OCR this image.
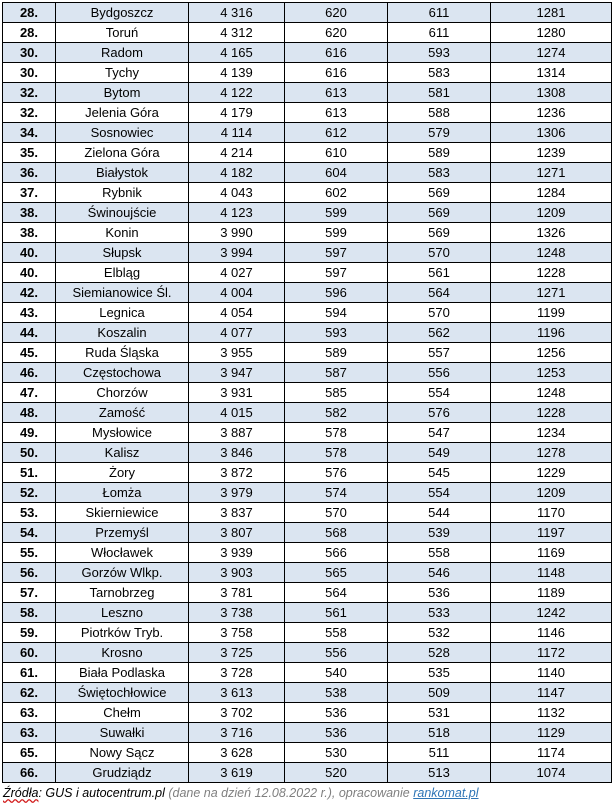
28.	Bydgoszcz	4 316	620	611	1281
28.	Toruń	4 312	620	611	1280
30.	Radom	4 165	616	593	1274
30.	Tychy	4 139	616	583	1314
32.	Bytom	4 122	613	581	1308
32.	Jelenia Góra	4 179	613	588	1236
34.	Sosnowiec	4 114	612	579	1306
35.	Zielona Góra	4 214	610	589	1239
36.	Białystok	4 182	604	583	1271
37.	Rybnik	4 043	602	569	1284
38.	Świnoujście	4 123	599	569	1209
38.	Konin	3 990	599	569	1326
40.	Słupsk	3 994	597	570	1248
40.	Elbląg	4 027	597	561	1228
42.	Siemianowice Śl.	4 004	596	564	1271
43.	Legnica	4 054	594	570	1199
44.	Koszalin	4 077	593	562	1196
45.	Ruda Śląska	3 955	589	557	1256
46.	Częstochowa	3 947	587	556	1253
47.	Chorzów	3 931	585	554	1248
48.	Zamość	4 015	582	576	1228
49.	Mysłowice	3 887	578	547	1234
50.	Kalisz	3 846	578	549	1278
51.	Żory	3 872	576	545	1229
52.	Łomża	3 979	574	554	1209
53.	Skierniewice	3 837	570	544	1170
54.	Przemyśl	3 807	568	539	1197
55.	Włocławek	3 939	566	558	1169
56.	Gorzów Wlkp.	3 903	565	546	1148
57.	Tarnobrzeg	3 781	564	536	1189
58.	Leszno	3 738	561	533	1242
59.	Piotrków Tryb.	3 758	558	532	1146
60.	Krosno	3 725	556	528	1172
61.	Biała Podlaska	3 728	540	535	1140
62.	Świętochłowice	3 613	538	509	1147
63.	Chełm	3 702	536	531	1132
63.	Suwałki	3 716	536	518	1129
65.	Nowy Sącz	3 628	530	511	1174
66.	Grudziądz	3 619	520	513	1074
Źródła: GUS i autocentrum.pl (dane na dzień 12.08.2022 r.), opracowanie rankomat.pl
